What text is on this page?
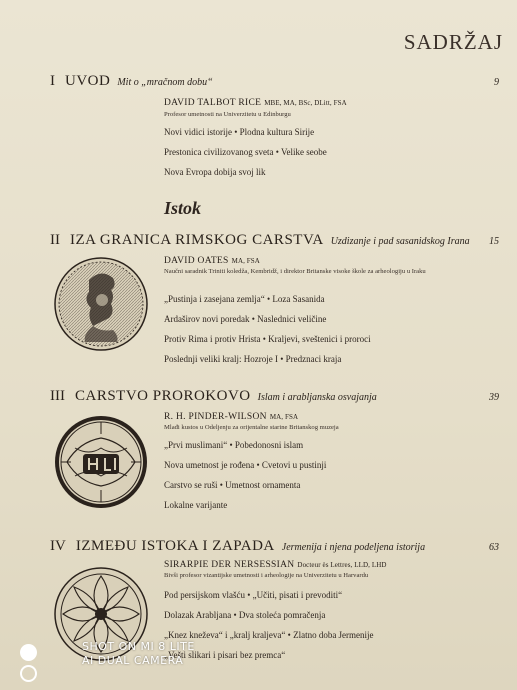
SADRŽAJ
I UVOD Mit o „mračnom dobu“	9
DAVID TALBOT RICE MBE, MA, BSc, DLitt, FSA
Profesor umetnosti na Univerzitetu u Edinburgu
Novi vidici istorije • Plodna kultura Sirije
Prestonica civilizovanog sveta • Velike seobe
Nova Evropa dobija svoj lik
Istok
II IZA GRANICA RIMSKOG CARSTVA Uzdizanje i pad sasanidskog Irana 15
DAVID OATES MA, FSA
Naučni saradnik Triniti koledža, Kembridž, i direktor Britanske visoke škole za arheologiju u Iraku
„Pustinja i zasejana zemlja“ • Loza Sasanida
Ardaširov novi poredak • Naslednici veličine
Protiv Rima i protiv Hrista • Kraljevi, sveštenici i proroci
Poslednji veliki kralj: Hozroje I • Predznaci kraja
III CARSTVO PROROKOVO Islam i arabljanska osvajanja	39
R. H. PINDER-WILSON MA, FSA
Mlađi kustos u Odeljenju za orijentalne starine Britanskog muzeja
„Prvi muslimani“ • Pobedonosni islam
Nova umetnost je rođena • Cvetovi u pustinji
Carstvo se ruši • Umetnost ornamenta
Lokalne varijante
IV IZMEĐU ISTOKA I ZAPADA Jermenija i njena podeljena istorija	63
SIRARPIE DER NERSESSIAN Docteur ès Lettres, LLD, LHD
Bivši profesor vizantijske umetnosti i arheologije na Univerzitetu u Harvardu
Pod persijskom vlašću • „Učiti, pisati i prevoditi“
Dolazak Arabljana • Dva stoleća pomračenja
„Knez kneževa“ i „kralj kraljeva“ • Zlatno doba Jermenije
„Vešti slikari i pisari bez premca“
SHOT ON MI 8 LITE
AI DUAL CAMERA
